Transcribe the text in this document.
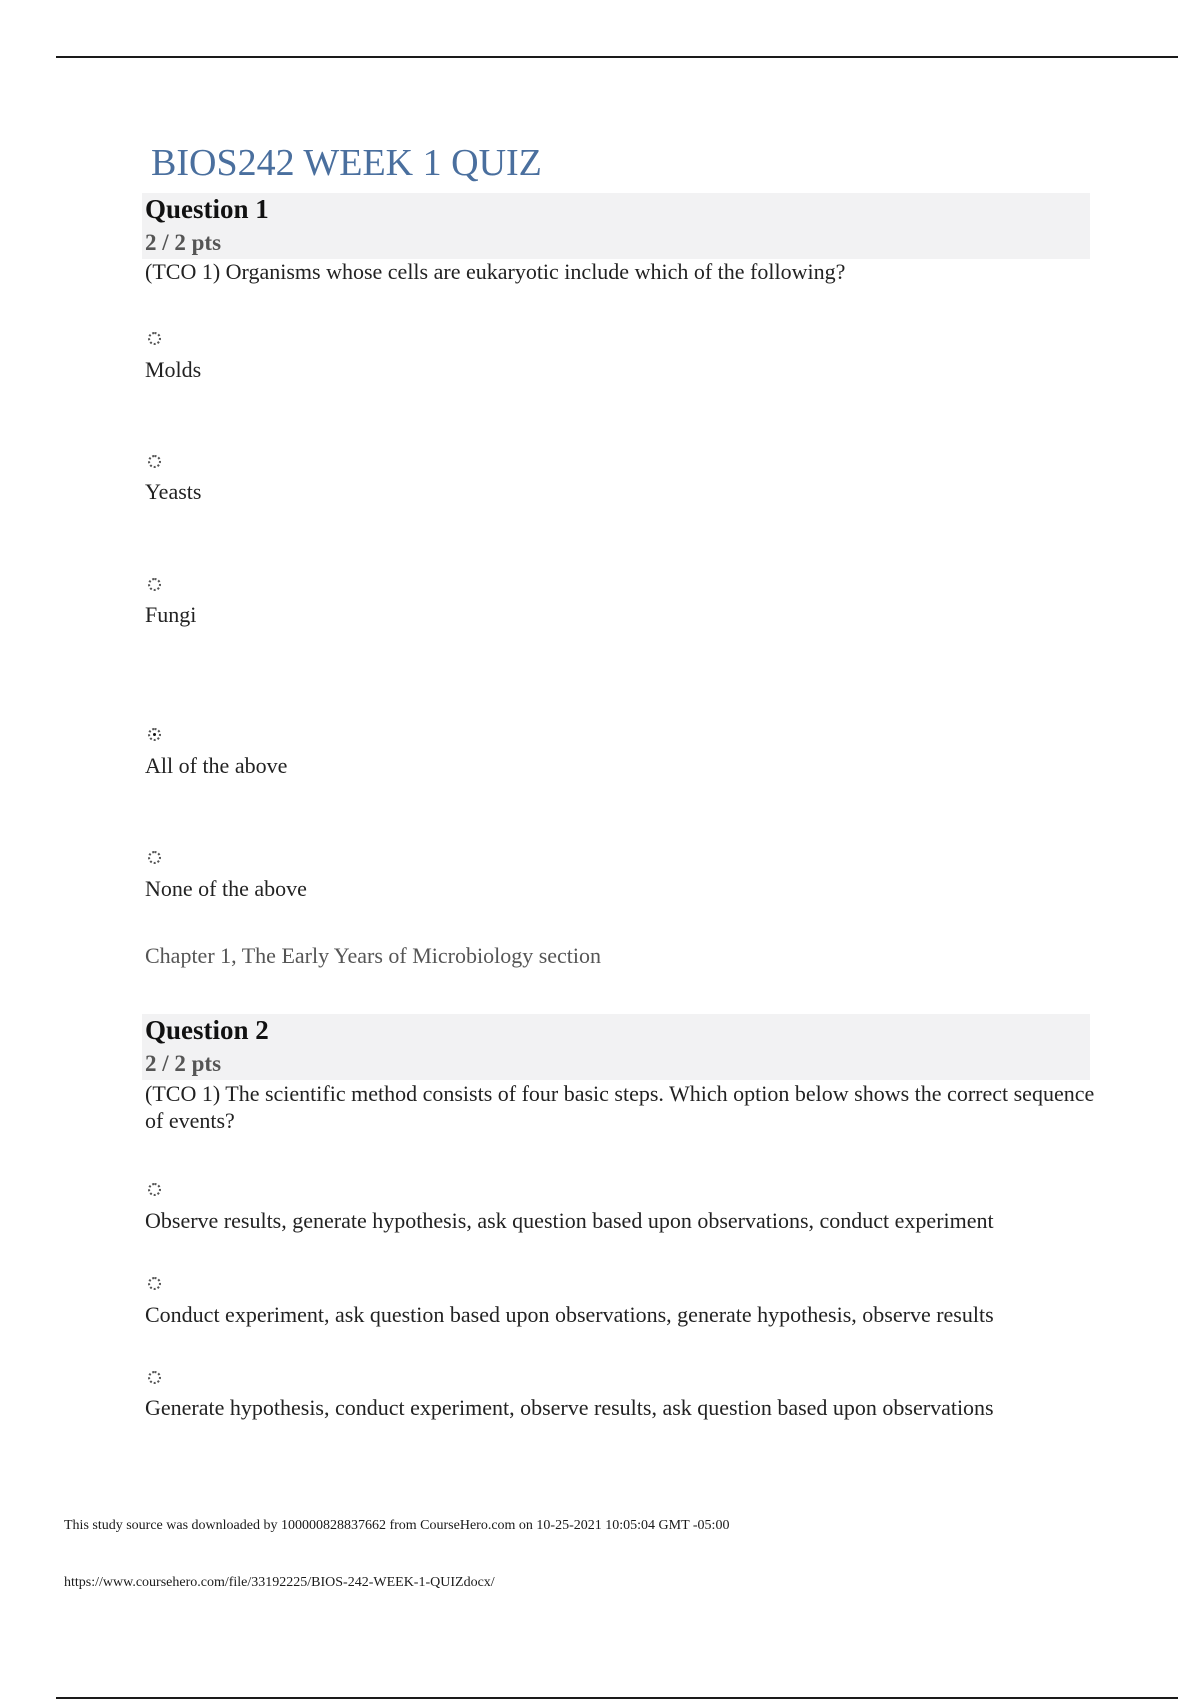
BIOS242 WEEK 1 QUIZ
Question 1
2 / 2 pts
(TCO 1) Organisms whose cells are eukaryotic include which of the following?
Molds
Yeasts
Fungi
All of the above
None of the above
Chapter 1, The Early Years of Microbiology section
Question 2
2 / 2 pts
(TCO 1) The scientific method consists of four basic steps. Which option below shows the correct sequence of events?
Observe results, generate hypothesis, ask question based upon observations, conduct experiment
Conduct experiment, ask question based upon observations, generate hypothesis, observe results
Generate hypothesis, conduct experiment, observe results, ask question based upon observations
This study source was downloaded by 100000828837662 from CourseHero.com on 10-25-2021 10:05:04 GMT -05:00
https://www.coursehero.com/file/33192225/BIOS-242-WEEK-1-QUIZdocx/
